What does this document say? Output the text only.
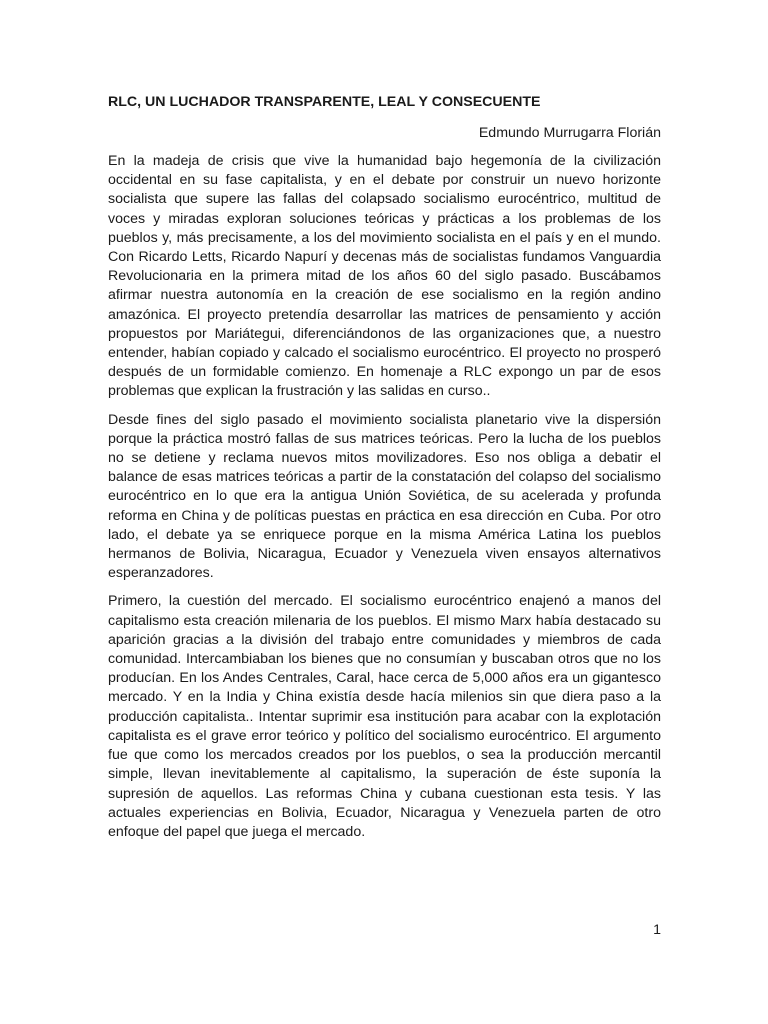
RLC, UN LUCHADOR TRANSPARENTE, LEAL Y CONSECUENTE
Edmundo Murrugarra Florián

En la madeja de crisis que vive la humanidad bajo hegemonía de la civilización occidental en su fase capitalista, y en el debate por construir un nuevo horizonte socialista que supere las fallas del colapsado socialismo eurocéntrico, multitud de voces y miradas exploran soluciones teóricas y prácticas a los problemas de los pueblos y, más precisamente, a los del movimiento socialista en el país y en el mundo. Con Ricardo Letts, Ricardo Napurí y decenas más de socialistas fundamos Vanguardia Revolucionaria en la primera mitad de los años 60 del siglo pasado. Buscábamos afirmar nuestra autonomía en la creación de ese socialismo en la región andino amazónica. El proyecto pretendía desarrollar las matrices de pensamiento y acción propuestos por Mariátegui, diferenciándonos de las organizaciones que, a nuestro entender, habían copiado y calcado el socialismo eurocéntrico. El proyecto no prosperó después de un formidable comienzo. En homenaje a RLC expongo un par de esos problemas que explican la frustración y las salidas en curso..

Desde fines del siglo pasado el movimiento socialista planetario vive la dispersión porque la práctica mostró fallas de sus matrices teóricas. Pero la lucha de los pueblos no se detiene y reclama nuevos mitos movilizadores. Eso nos obliga a debatir el balance de esas matrices teóricas a partir de la constatación del colapso del socialismo eurocéntrico en lo que era la antigua Unión Soviética, de su acelerada y profunda reforma en China y de políticas puestas en práctica en esa dirección en Cuba. Por otro lado, el debate ya se enriquece porque en la misma América Latina los pueblos hermanos de Bolivia, Nicaragua, Ecuador y Venezuela viven ensayos alternativos esperanzadores.

Primero, la cuestión del mercado. El socialismo eurocéntrico enajenó a manos del capitalismo esta creación milenaria de los pueblos. El mismo Marx había destacado su aparición gracias a la división del trabajo entre comunidades y miembros de cada comunidad. Intercambiaban los bienes que no consumían y buscaban otros que no los producían. En los Andes Centrales, Caral, hace cerca de 5,000 años era un gigantesco mercado. Y en la India y China existía desde hacía milenios sin que diera paso a la producción capitalista.. Intentar suprimir esa institución para acabar con la explotación capitalista es el grave error teórico y político del socialismo eurocéntrico. El argumento fue que como los mercados creados por los pueblos, o sea la producción mercantil simple, llevan inevitablemente al capitalismo, la superación de éste suponía la supresión de aquellos. Las reformas China y cubana cuestionan esta tesis. Y las actuales experiencias en Bolivia, Ecuador, Nicaragua y Venezuela parten de otro enfoque del papel que juega el mercado.

1
